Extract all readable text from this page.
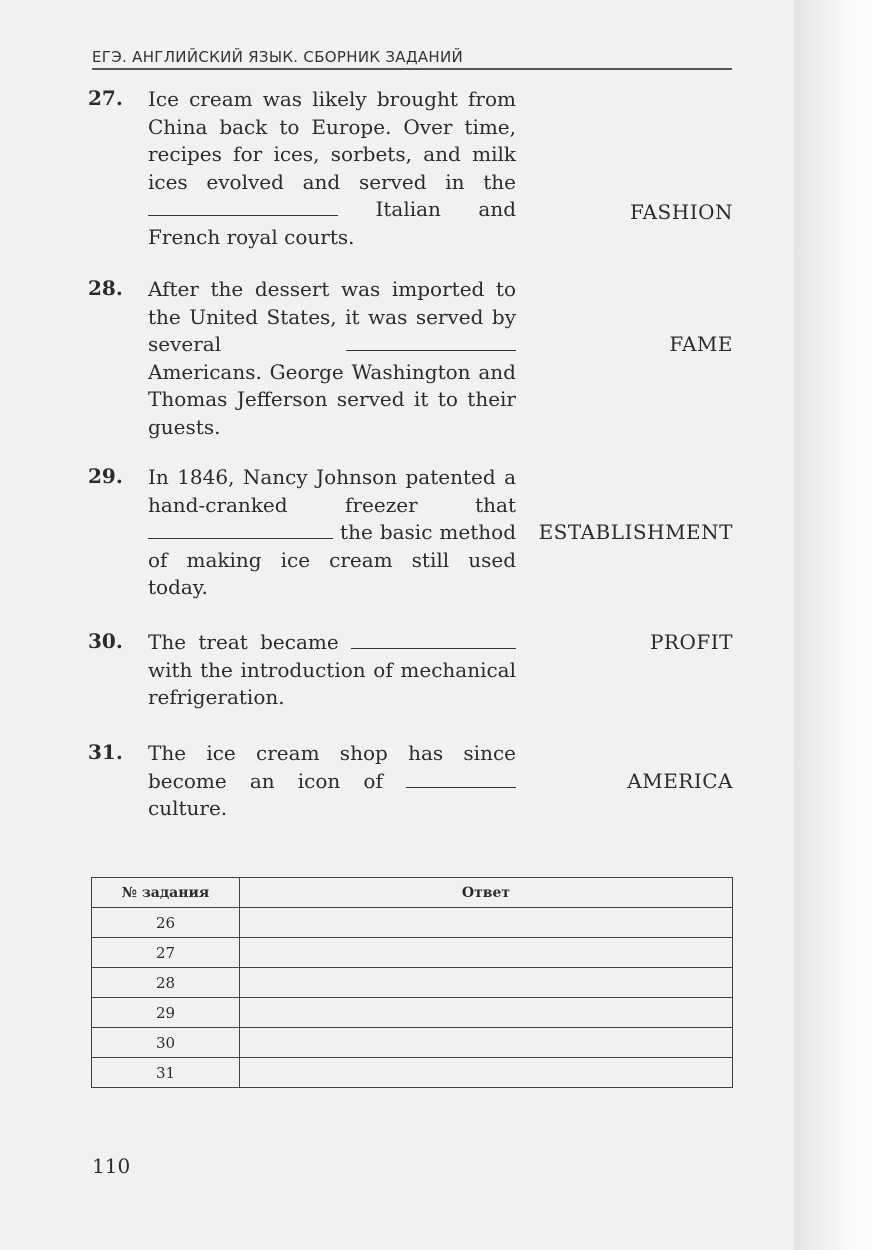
ЕГЭ. АНГЛИЙСКИЙ ЯЗЫК. СБОРНИК ЗАДАНИЙ
27.	Ice cream was likely brought from China back to Europe. Over time, recipes for ices, sorbets, and milk ices evolved and served in the  Italian and French royal courts.
FASHION
28.	After the dessert was imported to the United States, it was served by several  Americans. George Washington and Thomas Jefferson served it to their guests.
FAME
29.	In 1846, Nancy Johnson patented a hand-cranked freezer that  the basic method of making ice cream still used today.
ESTABLISHMENT
30.	The treat became  with the introduction of mechanical refrigeration.
PROFIT
31.	The ice cream shop has since become an icon of  culture.
AMERICA
№ задания	Ответ
26	
27	
28	
29	
30	
31	
110
